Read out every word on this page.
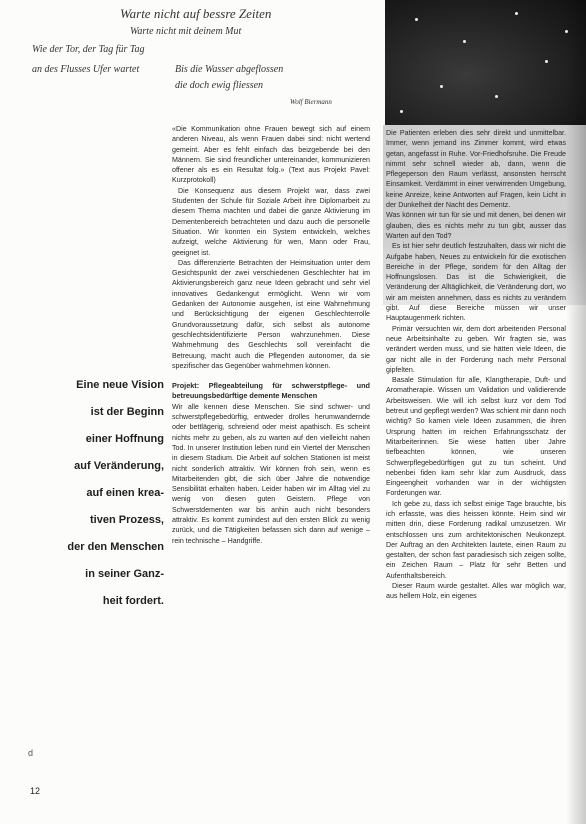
Warte nicht auf bessre Zeiten
Warte nicht mit deinem Mut
Wie der Tor, der Tag für Tag
an des Flusses Ufer wartet	Bis die Wasser abgeflossen
die doch ewig fliessen
Wolf Biermann
Eine neue Vision
ist der Beginn
einer Hoffnung
auf Veränderung,
auf einen krea-
tiven Prozess,
der den Menschen
in seiner Ganz-
heit fordert.

«Die Kommunikation ohne Frauen bewegt sich auf einem anderen Niveau, als wenn Frauen dabei sind: nicht wertend gemeint. Aber es fehlt einfach das beizgebende bei den Männern. Sie sind freundlicher untereinander, kommunizieren offener als es ein Resultat folg.» (Text aus Projekt Pavel: Kurzprotokoll)

Die Konsequenz aus diesem Projekt war, dass zwei Studenten der Schule für Soziale Arbeit ihre Diplomarbeit zu diesem Thema machten und dabei die ganze Aktivierung im Dementenbereich betrachteten und dazu auch die personelle Situation. Wir konnten ein System entwickeln, welches aufzeigt, welche Aktivierung für wen, Mann oder Frau, geeignet ist.

Das differenzierte Betrachten der Heimsituation unter dem Gesichtspunkt der zwei verschiedenen Geschlechter hat im Aktivierungsbereich ganz neue Ideen gebracht und sehr viel innovatives Gedankengut ermöglicht. Wenn wir vom Gedanken der Autonomie ausgehen, ist eine Wahrnehmung und Berücksichtigung der eigenen Geschlechterrolle Grundvoraussetzung dafür, sich selbst als autonome geschlechtsidentifizierte Person wahrzunehmen. Diese Wahrnehmung des Geschlechts soll vereinfacht die Betreuung, macht auch die Pflegenden autonomer, da sie spezifischer das Gegenüber wahrnehmen können.

Projekt: Pflegeabteilung für schwerstpflege- und betreuungsbedürftige demente Menschen

Wir alle kennen diese Menschen. Sie sind schwer- und schwerstpflegebedürftig, entweder drolles herumwandernde oder bettlägerig, schreiend oder meist apathisch. Es scheint nichts mehr zu geben, als zu warten auf den vielleicht nahen Tod. In unserer Institution leben rund ein Viertel der Menschen in diesem Stadium. Die Arbeit auf solchen Stationen ist meist nicht sonderlich attraktiv. Wir können froh sein, wenn es Mitarbeitenden gibt, die sich über Jahre die notwendige Sensibilität erhalten haben. Leider haben wir im Alltag viel zu wenig von diesen guten Geistern. Pflege von Schwerstdementen war bis anhin auch nicht besonders attraktiv. Es kommt zumindest auf den ersten Blick zu wenig zurück, und die Tätigkeiten befassen sich dann auf wenige – rein technische – Handgriffe.

Die Patienten erleben dies sehr direkt und unmittelbar. Immer, wenn jemand ins Zimmer kommt, wird etwas getan, angefasst in Ruhe. Vor-Friedhofsruhe. Die Freude nimmt sehr schnell wieder ab, dann, wenn die Pflegeperson den Raum verlässt, ansonsten herrscht Einsamkeit. Verdämmt in einer verwirrenden Umgebung, keine Anreize, keine Antworten auf Fragen, kein Licht in der Dunkelheit der Nacht des Dementz.

Was können wir tun für sie und mit denen, bei denen wir glauben, dies es nichts mehr zu tun gibt, ausser das Warten auf den Tod?

Es ist hier sehr deutlich festzuhalten, dass wir nicht die Aufgabe haben, Neues zu entwickeln für die exotischen Bereiche in der Pflege, sondern für den Alltag der Hoffnungslosen. Das ist die Schwierigkeit, die Veränderung der Alltäglichkeit, die Veränderung dort, wo wir am meisten annehmen, dass es nichts zu verändern gibt. Auf diese Bereiche müssen wir unser Hauptaugenmerk richten.

Primär versuchten wir, dem dort arbeitenden Personal neue Arbeitsinhalte zu geben. Wir fragten sie, was verändert werden muss, und sie hätten viele Ideen, die gar nicht alle in der Forderung nach mehr Personal gipfelten.

Basale Stimulation für alle, Klangtherapie, Duft- und Aromatherapie. Wissen um Validation und validierende Arbeitsweisen. Wie will ich selbst kurz vor dem Tod betreut und gepflegt werden? Was schient mir dann noch wichtig? So kamen viele Ideen zusammen, die ihren Ursprung hatten im reichen Erfahrungsschatz der Mitarbeiterinnen. Sie wiese hatten über Jahre tiefbeachten können, wie unseren Schwerpflegebedürftigen gut zu tun scheint. Und nebenbei fiden kam sehr klar zum Ausdruck, dass Eingeengheit vorhanden war in der wichtigsten Forderungen war.

Ich gebe zu, dass ich selbst einige Tage brauchte, bis ich erfasste, was dies heissen könnte. Heim sind wir mitten drin, diese Forderung radikal umzusetzen. Wir entschlossen uns zum architektonischen Neukonzept. Der Auftrag an den Architekten lautete, einen Raum zu gestalten, der schon fast paradiesisch sich zeigen sollte, ein Zeichen Raum – Platz für sehr Betten und Aufenthaltsbereich.

Dieser Raum wurde gestaltet. Alles war möglich war, aus hellem Holz, ein eigenes

d
12
